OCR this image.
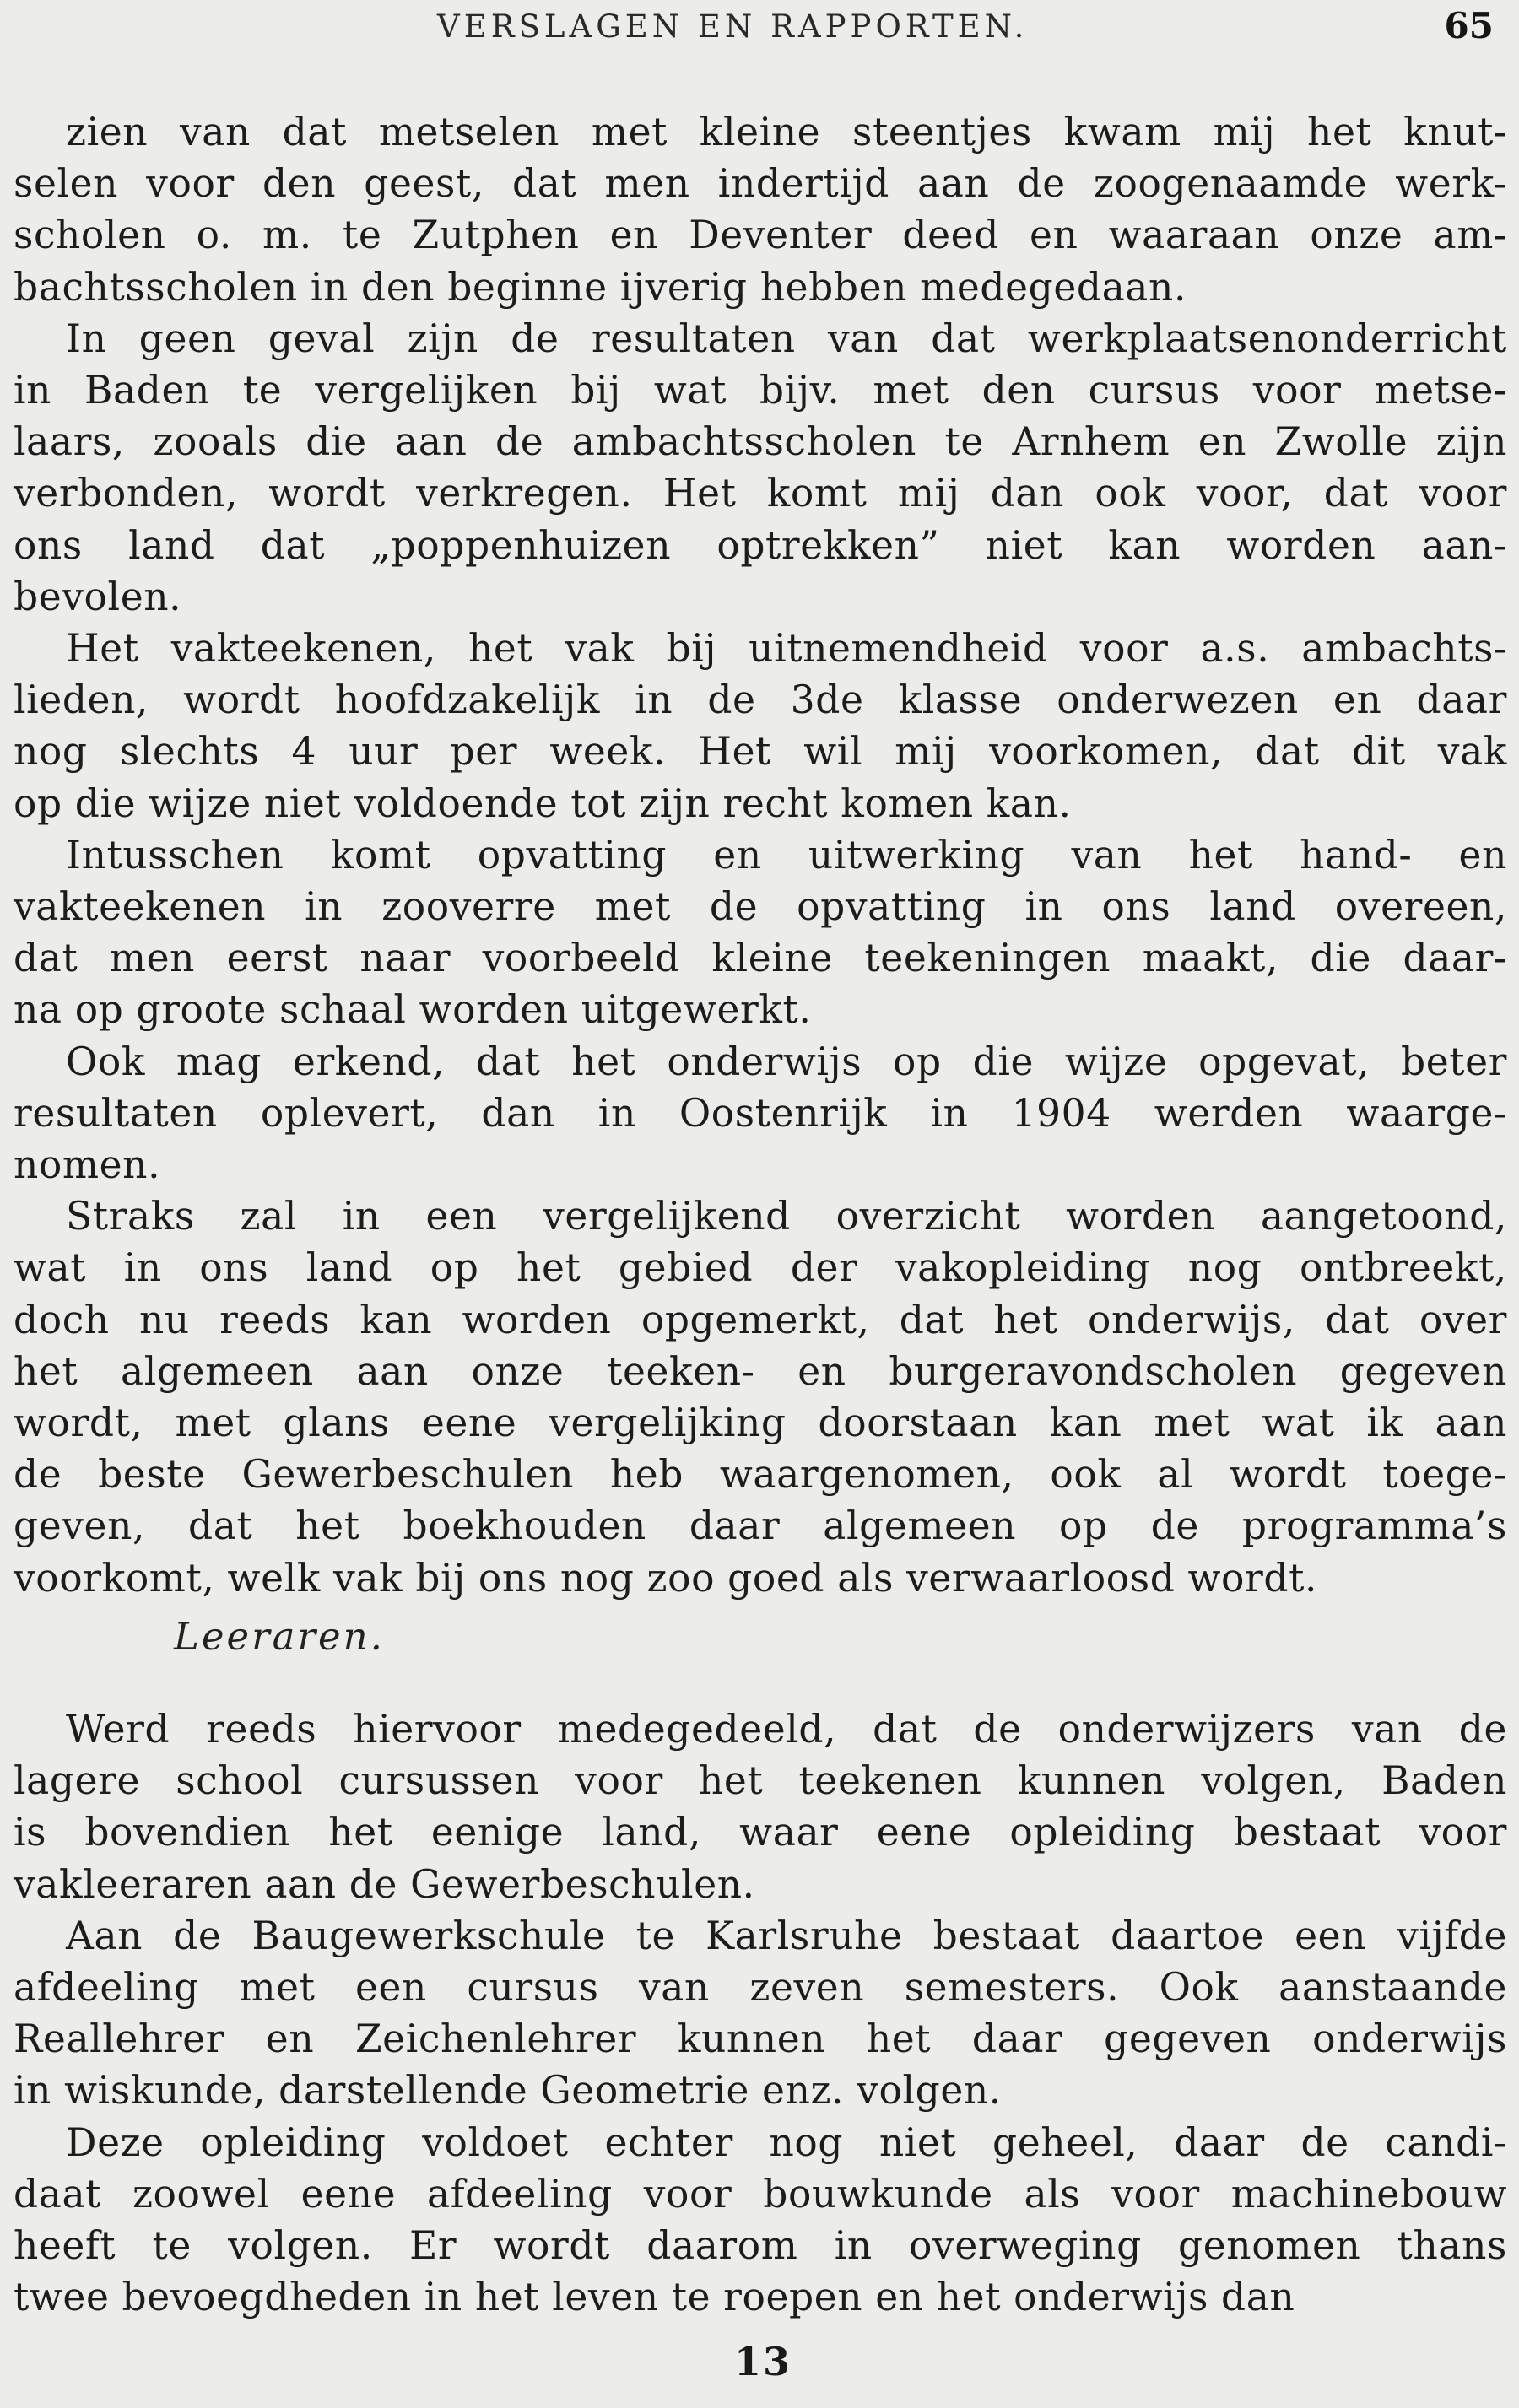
VERSLAGEN EN RAPPORTEN.	65
zien van dat metselen met kleine steentjes kwam mij het knut-
selen voor den geest, dat men indertijd aan de zoogenaamde werk-
scholen o. m. te Zutphen en Deventer deed en waaraan onze am-
bachtsscholen in den beginne ijverig hebben medegedaan.
In geen geval zijn de resultaten van dat werkplaatsenonderricht
in Baden te vergelijken bij wat bijv. met den cursus voor metse-
laars, zooals die aan de ambachtsscholen te Arnhem en Zwolle zijn
verbonden, wordt verkregen. Het komt mij dan ook voor, dat voor
ons land dat „poppenhuizen optrekken” niet kan worden aan-
bevolen.
Het vakteekenen, het vak bij uitnemendheid voor a.s. ambachts-
lieden, wordt hoofdzakelijk in de 3de klasse onderwezen en daar
nog slechts 4 uur per week. Het wil mij voorkomen, dat dit vak
op die wijze niet voldoende tot zijn recht komen kan.
Intusschen komt opvatting en uitwerking van het hand- en
vakteekenen in zooverre met de opvatting in ons land overeen,
dat men eerst naar voorbeeld kleine teekeningen maakt, die daar-
na op groote schaal worden uitgewerkt.
Ook mag erkend, dat het onderwijs op die wijze opgevat, beter
resultaten oplevert, dan in Oostenrijk in 1904 werden waarge-
nomen.
Straks zal in een vergelijkend overzicht worden aangetoond,
wat in ons land op het gebied der vakopleiding nog ontbreekt,
doch nu reeds kan worden opgemerkt, dat het onderwijs, dat over
het algemeen aan onze teeken- en burgeravondscholen gegeven
wordt, met glans eene vergelijking doorstaan kan met wat ik aan
de beste Gewerbeschulen heb waargenomen, ook al wordt toege-
geven, dat het boekhouden daar algemeen op de programma’s
voorkomt, welk vak bij ons nog zoo goed als verwaarloosd wordt.
Leeraren.
Werd reeds hiervoor medegedeeld, dat de onderwijzers van de
lagere school cursussen voor het teekenen kunnen volgen, Baden
is bovendien het eenige land, waar eene opleiding bestaat voor
vakleeraren aan de Gewerbeschulen.
Aan de Baugewerkschule te Karlsruhe bestaat daartoe een vijfde
afdeeling met een cursus van zeven semesters. Ook aanstaande
Reallehrer en Zeichenlehrer kunnen het daar gegeven onderwijs
in wiskunde, darstellende Geometrie enz. volgen.
Deze opleiding voldoet echter nog niet geheel, daar de candi-
daat zoowel eene afdeeling voor bouwkunde als voor machinebouw
heeft te volgen. Er wordt daarom in overweging genomen thans
twee bevoegdheden in het leven te roepen en het onderwijs dan
13
